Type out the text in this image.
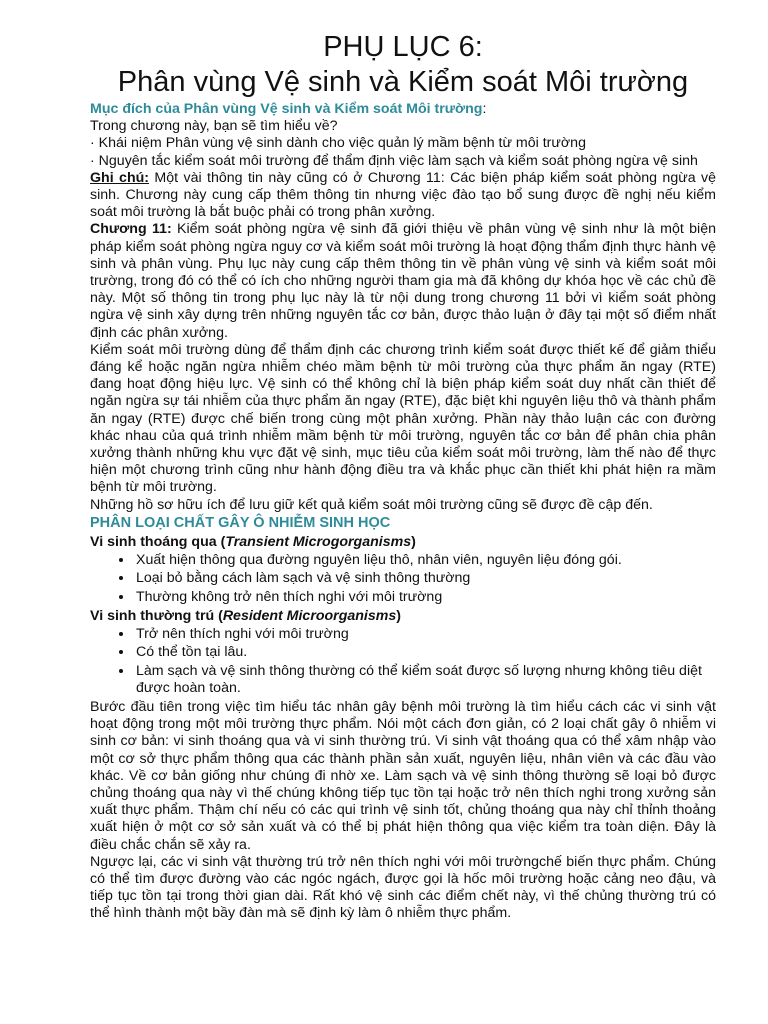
PHỤ LỤC 6:
Phân vùng Vệ sinh và Kiểm soát Môi trường
Mục đích của Phân vùng Vệ sinh và Kiểm soát Môi trường:
Trong chương này, bạn sẽ tìm hiểu về?
· Khái niệm Phân vùng vệ sinh dành cho việc quản lý mầm bệnh từ môi trường

· Nguyên tắc kiểm soát môi trường để thẩm định việc làm sạch và kiểm soát phòng ngừa vệ sinh

Ghi chú: Một vài thông tin này cũng có ở Chương 11: Các biện pháp kiểm soát phòng ngừa vệ sinh. Chương này cung cấp thêm thông tin nhưng việc đào tạo bổ sung được đề nghị nếu kiểm soát môi trường là bắt buộc phải có trong phân xưởng.

Chương 11: Kiểm soát phòng ngừa vệ sinh đã giới thiệu về phân vùng vệ sinh như là một biện pháp kiểm soát phòng ngừa nguy cơ và kiểm soát môi trường là hoạt động thẩm định thực hành vệ sinh và phân vùng. Phụ lục này cung cấp thêm thông tin về phân vùng vệ sinh và kiểm soát môi trường, trong đó có thể có ích cho những người tham gia mà đã không dự khóa học về các chủ đề này. Một số thông tin trong phụ lục này là từ nội dung trong chương 11 bởi vì kiểm soát phòng ngừa vệ sinh xây dựng trên những nguyên tắc cơ bản, được thảo luận ở đây tại một số điểm nhất định các phân xưởng.

Kiểm soát môi trường dùng để thẩm định các chương trình kiểm soát được thiết kế để giảm thiểu đáng kể hoặc ngăn ngừa nhiễm chéo mầm bệnh từ môi trường của thực phẩm ăn ngay (RTE) đang hoạt động hiệu lực. Vệ sinh có thể không chỉ là biện pháp kiểm soát duy nhất cần thiết để ngăn ngừa sự tái nhiễm của thực phẩm ăn ngay (RTE), đặc biệt khi nguyên liệu thô và thành phẩm ăn ngay (RTE) được chế biến trong cùng một phân xưởng. Phần này thảo luận các con đường khác nhau của quá trình nhiễm mầm bệnh từ môi trường, nguyên tắc cơ bản để phân chia phân xưởng thành những khu vực đặt vệ sinh, mục tiêu của kiểm soát môi trường, làm thế nào để thực hiện một chương trình cũng như hành động điều tra và khắc phục cần thiết khi phát hiện ra mầm bệnh từ môi trường.

Những hồ sơ hữu ích để lưu giữ kết quả kiểm soát môi trường cũng sẽ được đề cập đến.

PHÂN LOẠI CHẤT GÂY Ô NHIỄM SINH HỌC
Vi sinh thoáng qua (Transient Microgorganisms)
• Xuất hiện thông qua đường nguyên liệu thô, nhân viên, nguyên liệu đóng gói.
• Loại bỏ bằng cách làm sạch và vệ sinh thông thường
• Thường không trở nên thích nghi với môi trường
Vi sinh thường trú (Resident Microorganisms)
• Trở nên thích nghi với môi trường
• Có thể tồn tại lâu.
• Làm sạch và vệ sinh thông thường có thể kiểm soát được số lượng nhưng không tiêu diệt được hoàn toàn.

Bước đầu tiên trong việc tìm hiểu tác nhân gây bệnh môi trường là tìm hiểu cách các vi sinh vật hoạt động trong một môi trường thực phẩm. Nói một cách đơn giản, có 2 loại chất gây ô nhiễm vi sinh cơ bản: vi sinh thoáng qua và vi sinh thường trú. Vi sinh vật thoáng qua có thể xâm nhập vào một cơ sở thực phẩm thông qua các thành phần sản xuất, nguyên liệu, nhân viên và các đầu vào khác. Về cơ bản giống như chúng đi nhờ xe. Làm sạch và vệ sinh thông thường sẽ loại bỏ được chủng thoáng qua này vì thế chúng không tiếp tục tồn tại hoặc trở nên thích nghi trong xưởng sản xuất thực phẩm. Thậm chí nếu có các qui trình vệ sinh tốt, chủng thoáng qua này chỉ thỉnh thoảng xuất hiện ở một cơ sở sản xuất và có thể bị phát hiện thông qua việc kiểm tra toàn diện. Đây là điều chắc chắn sẽ xảy ra.

Ngược lại, các vi sinh vật thường trú trở nên thích nghi với môi trườngchế biến thực phẩm. Chúng có thể tìm được đường vào các ngóc ngách, được gọi là hốc môi trường hoặc cảng neo đậu, và tiếp tục tồn tại trong thời gian dài. Rất khó vệ sinh các điểm chết này, vì thế chủng thường trú có thể hình thành một bầy đàn mà sẽ định kỳ làm ô nhiễm thực phẩm.
